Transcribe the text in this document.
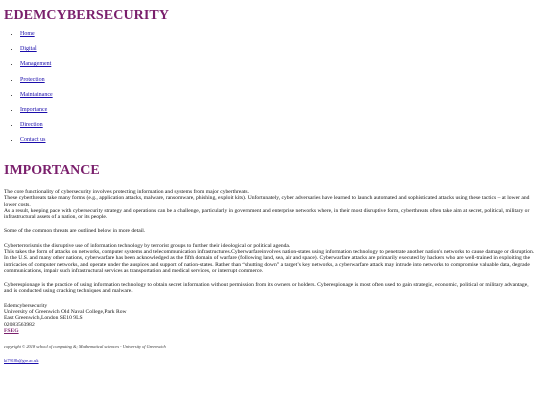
EDEMCYBERSECURITY
• Home
• Digital
• Management
• Protection
• Maintainance
• Importance
• Direction
• Contact us
IMPORTANCE

The core functionality of cybersecurity involves protecting information and systems from major cyberthreats.
These cyberthreats take many forms (e.g., application attacks, malware, ransomware, phishing, exploit kits). Unfortunately, cyber adversaries have learned to launch automated and sophisticated attacks using these tactics – at lower and lower costs.
As a result, keeping pace with cybersecurity strategy and operations can be a challenge, particularly in government and enterprise networks where, in their most disruptive form, cyberthreats often take aim at secret, political, military or infrastructural assets of a nation, or its people.

Some of the common threats are outlined below in more detail.

Cyberterrorismis the disruptive use of information technology by terrorist groups to further their ideological or political agenda.
This takes the form of attacks on networks, computer systems and telecommunication infrastructures.Cyberwarfareinvolves nation-states using information technology to penetrate another nation's networks to cause damage or disruption. In the U.S. and many other nations, cyberwarfare has been acknowledged as the fifth domain of warfare (following land, sea, air and space). Cyberwarfare attacks are primarily executed by hackers who are well-trained in exploiting the intricacies of computer networks, and operate under the auspices and support of nation-states. Rather than “shutting down” a target’s key networks, a cyberwarfare attack may intrude into networks to compromise valuable data, degrade communications, impair such infrastructural services as transportation and medical services, or interrupt commerce.

Cyberespionage is the practice of using information technology to obtain secret information without permission from its owners or holders. Cyberespionage is most often used to gain strategic, economic, political or military advantage, and is conducted using cracking techniques and malware.

Edemcybersecurity
University of Greenwich Old Naval College,Park Row
East Greenwich,London SE10 9LS
02083563982
FSEG
copyright © 2018 school of computing &; Mathematical sciences - University of Greenwich
ki7918b@gre.ac.uk
